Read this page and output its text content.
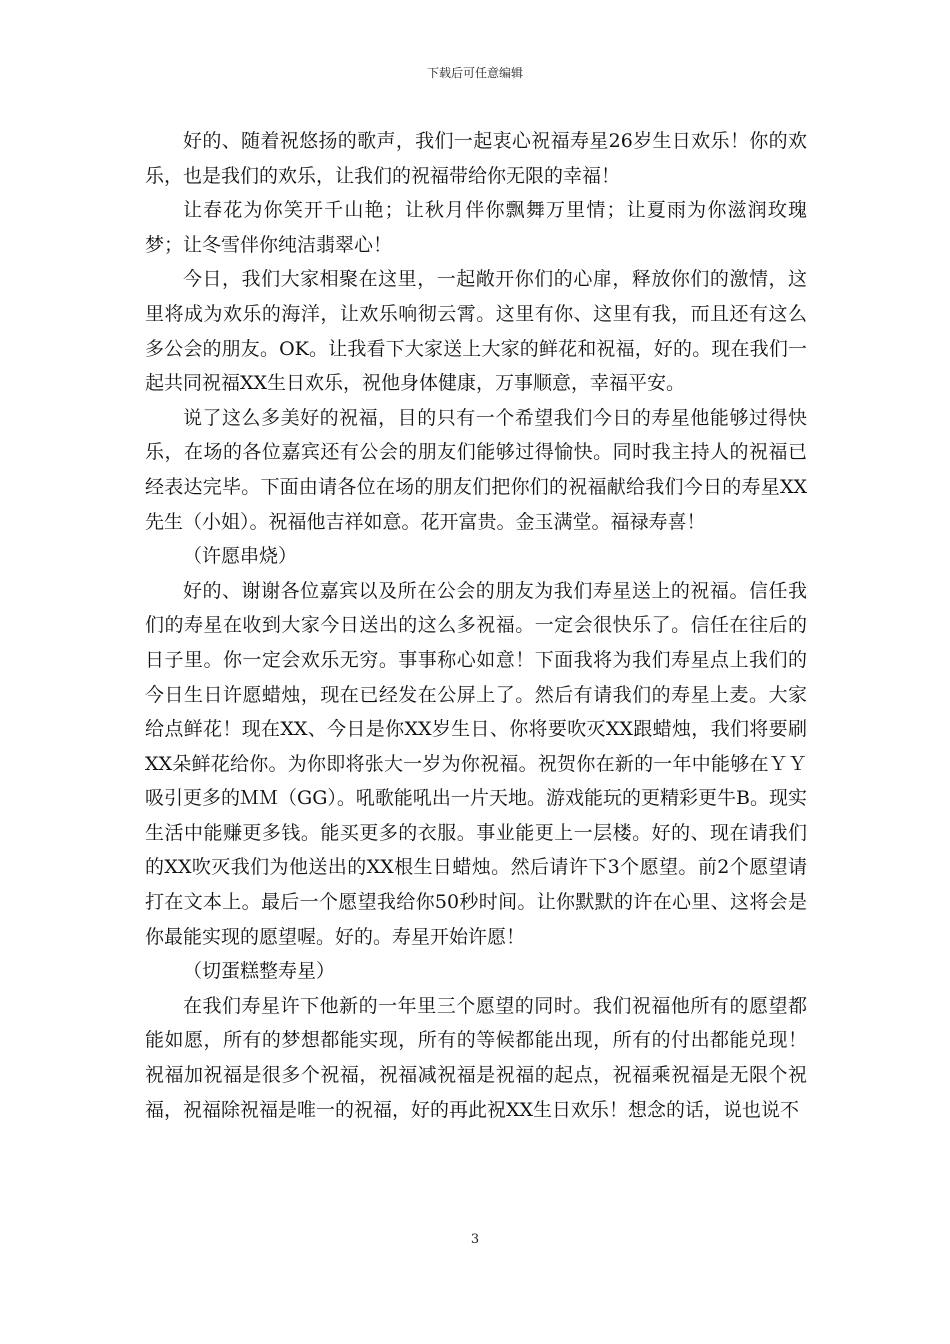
下载后可任意编辑

好的、随着祝悠扬的歌声，我们一起衷心祝福寿星26岁生日欢乐！你的欢乐，也是我们的欢乐，让我们的祝福带给你无限的幸福！

让春花为你笑开千山艳；让秋月伴你飘舞万里情；让夏雨为你滋润玫瑰梦；让冬雪伴你纯洁翡翠心！

今日，我们大家相聚在这里，一起敞开你们的心扉，释放你们的激情，这里将成为欢乐的海洋，让欢乐响彻云霄。这里有你、这里有我，而且还有这么多公会的朋友。OK。让我看下大家送上大家的鲜花和祝福，好的。现在我们一起共同祝福XX生日欢乐，祝他身体健康，万事顺意，幸福平安。

说了这么多美好的祝福，目的只有一个希望我们今日的寿星他能够过得快乐，在场的各位嘉宾还有公会的朋友们能够过得愉快。同时我主持人的祝福已经表达完毕。下面由请各位在场的朋友们把你们的祝福献给我们今日的寿星XX先生（小姐）。祝福他吉祥如意。花开富贵。金玉满堂。福禄寿喜！

（许愿串烧）

好的、谢谢各位嘉宾以及所在公会的朋友为我们寿星送上的祝福。信任我们的寿星在收到大家今日送出的这么多祝福。一定会很快乐了。信任在往后的日子里。你一定会欢乐无穷。事事称心如意！下面我将为我们寿星点上我们的今日生日许愿蜡烛，现在已经发在公屏上了。然后有请我们的寿星上麦。大家给点鲜花！现在XX、今日是你XX岁生日、你将要吹灭XX跟蜡烛，我们将要刷XX朵鲜花给你。为你即将张大一岁为你祝福。祝贺你在新的一年中能够在ＹＹ吸引更多的ＭＭ（GG）。吼歌能吼出一片天地。游戏能玩的更精彩更牛B。现实生活中能赚更多钱。能买更多的衣服。事业能更上一层楼。好的、现在请我们的XX吹灭我们为他送出的XX根生日蜡烛。然后请许下3个愿望。前2个愿望请打在文本上。最后一个愿望我给你50秒时间。让你默默的许在心里、这将会是你最能实现的愿望喔。好的。寿星开始许愿！

（切蛋糕整寿星）

在我们寿星许下他新的一年里三个愿望的同时。我们祝福他所有的愿望都能如愿，所有的梦想都能实现，所有的等候都能出现，所有的付出都能兑现！祝福加祝福是很多个祝福，祝福减祝福是祝福的起点，祝福乘祝福是无限个祝福，祝福除祝福是唯一的祝福，好的再此祝XX生日欢乐！想念的话，说也说不

3
